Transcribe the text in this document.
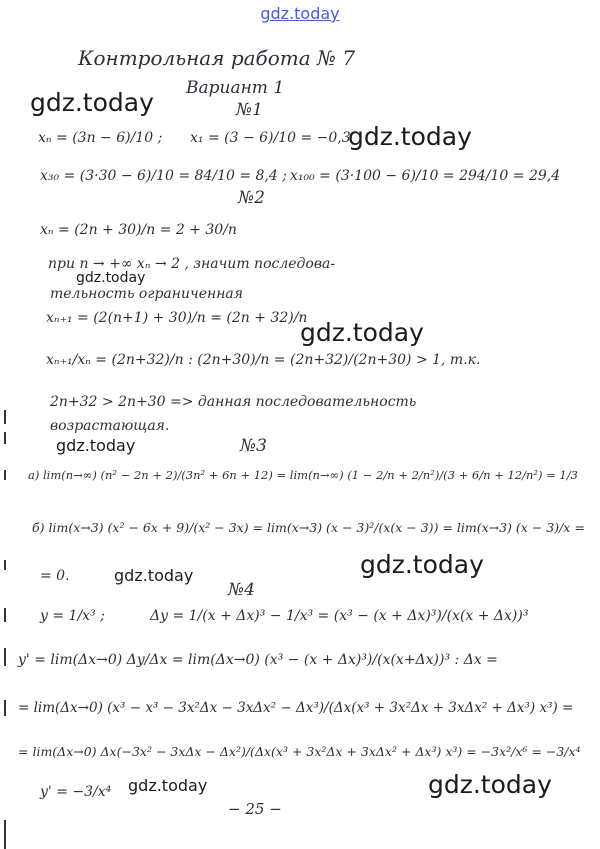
gdz.today
Контрольная работа № 7
Вариант 1
gdz.today
gdz.today
gdz.today
gdz.today
gdz.today
gdz.today
gdz.today
gdz.today	gdz.today
№1
xₙ = (3n − 6)/10 ; x₁ = (3 − 6)/10 = −0,3
x₃₀ = (3·30 − 6)/10 = 84/10 = 8,4 ; x₁₀₀ = (3·100 − 6)/10 = 294/10 = 29,4
№2
xₙ = (2n + 30)/n = 2 + 30/n
при n → +∞ xₙ → 2 , значит последова-
тельность ограниченная
xₙ₊₁ = (2(n+1) + 30)/n = (2n + 32)/n
xₙ₊₁/xₙ = (2n+32)/n : (2n+30)/n = (2n+32)/(2n+30) > 1, т.к.
2n+32 > 2n+30 => данная последовательность
возрастающая.
№3
а) lim(n→∞) (n² − 2n + 2)/(3n² + 6n + 12) = lim(n→∞) (1 − 2/n + 2/n²)/(3 + 6/n + 12/n²) = 1/3
б) lim(x→3) (x² − 6x + 9)/(x² − 3x) = lim(x→3) (x − 3)²/(x(x − 3)) = lim(x→3) (x − 3)/x =
= 0.
№4
y = 1/x³ ;	Δy = 1/(x + Δx)³ − 1/x³ = (x³ − (x + Δx)³)/(x(x + Δx))³
y' = lim(Δx→0) Δy/Δx = lim(Δx→0) (x³ − (x + Δx)³)/(x(x+Δx))³ : Δx =
= lim(Δx→0) (x³ − x³ − 3x²Δx − 3xΔx² − Δx³)/(Δx(x³ + 3x²Δx + 3xΔx² + Δx³) x³) =
= lim(Δx→0) Δx(−3x² − 3xΔx − Δx²)/(Δx(x³ + 3x²Δx + 3xΔx² + Δx³) x³) = −3x²/x⁶ = −3/x⁴
y' = −3/x⁴
− 25 −
